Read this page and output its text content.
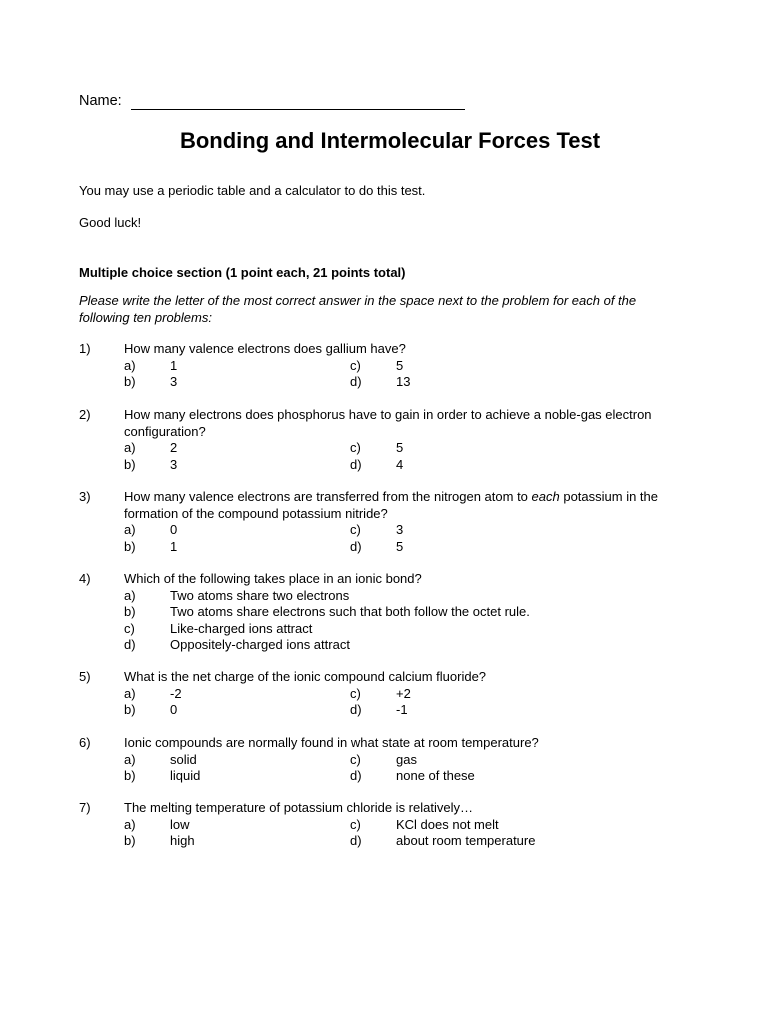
Name:
Bonding and Intermolecular Forces Test
You may use a periodic table and a calculator to do this test.
Good luck!
Multiple choice section (1 point each, 21 points total)
Please write the letter of the most correct answer in the space next to the problem for each of the following ten problems:
1)	How many valence electrons does gallium have?
a)	1	c)	5
b)	3	d)	13
2)	How many electrons does phosphorus have to gain in order to achieve a noble-gas electron configuration?
a)	2	c)	5
b)	3	d)	4
3)	How many valence electrons are transferred from the nitrogen atom to each potassium in the formation of the compound potassium nitride?
a)	0	c)	3
b)	1	d)	5
4)	Which of the following takes place in an ionic bond?
a)	Two atoms share two electrons
b)	Two atoms share electrons such that both follow the octet rule.
c)	Like-charged ions attract
d)	Oppositely-charged ions attract
5)	What is the net charge of the ionic compound calcium fluoride?
a)	-2	c)	+2
b)	0	d)	-1
6)	Ionic compounds are normally found in what state at room temperature?
a)	solid	c)	gas
b)	liquid	d)	none of these
7)	The melting temperature of potassium chloride is relatively…
a)	low	c)	KCl does not melt
b)	high	d)	about room temperature
